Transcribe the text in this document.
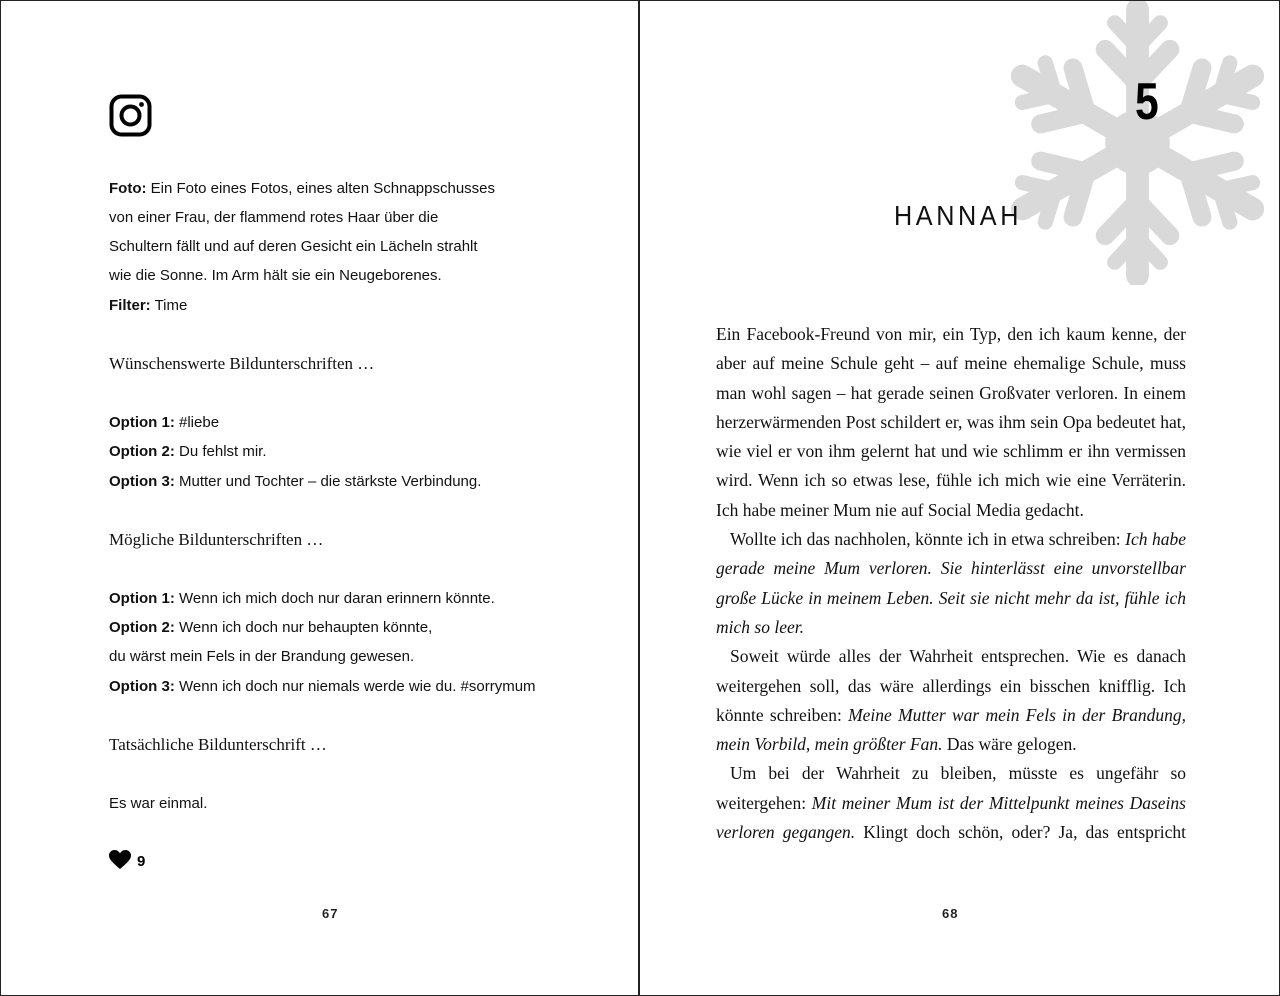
Foto: Ein Foto eines Fotos, eines alten Schnappschusses
von einer Frau, der flammend rotes Haar über die
Schultern fällt und auf deren Gesicht ein Lächeln strahlt
wie die Sonne. Im Arm hält sie ein Neugeborenes.
Filter: Time
Wünschenswerte Bildunterschriften …
Option 1: #liebe
Option 2: Du fehlst mir.
Option 3: Mutter und Tochter – die stärkste Verbindung.
Mögliche Bildunterschriften …
Option 1: Wenn ich mich doch nur daran erinnern könnte.
Option 2: Wenn ich doch nur behaupten könnte,
du wärst mein Fels in der Brandung gewesen.
Option 3: Wenn ich doch nur niemals werde wie du. #sorrymum
Tatsächliche Bildunterschrift …
Es war einmal.
9
67
5
HANNAH

Ein Facebook-Freund von mir, ein Typ, den ich kaum kenne, der aber auf meine Schule geht – auf meine ehemalige Schule, muss man wohl sagen – hat gerade seinen Großvater verloren. In einem herzerwärmenden Post schildert er, was ihm sein Opa bedeutet hat, wie viel er von ihm gelernt hat und wie schlimm er ihn vermissen wird. Wenn ich so etwas lese, fühle ich mich wie eine Verräterin. Ich habe meiner Mum nie auf Social Media gedacht.

Wollte ich das nachholen, könnte ich in etwa schreiben: Ich habe gerade meine Mum verloren. Sie hinterlässt eine unvorstellbar große Lücke in meinem Leben. Seit sie nicht mehr da ist, fühle ich mich so leer.

Soweit würde alles der Wahrheit entsprechen. Wie es danach weitergehen soll, das wäre allerdings ein bisschen knifflig. Ich könnte schreiben: Meine Mutter war mein Fels in der Brandung, mein Vorbild, mein größter Fan. Das wäre gelogen.

Um bei der Wahrheit zu bleiben, müsste es ungefähr so weitergehen: Mit meiner Mum ist der Mittelpunkt meines Daseins verloren gegangen. Klingt doch schön, oder? Ja, das entspricht

68
